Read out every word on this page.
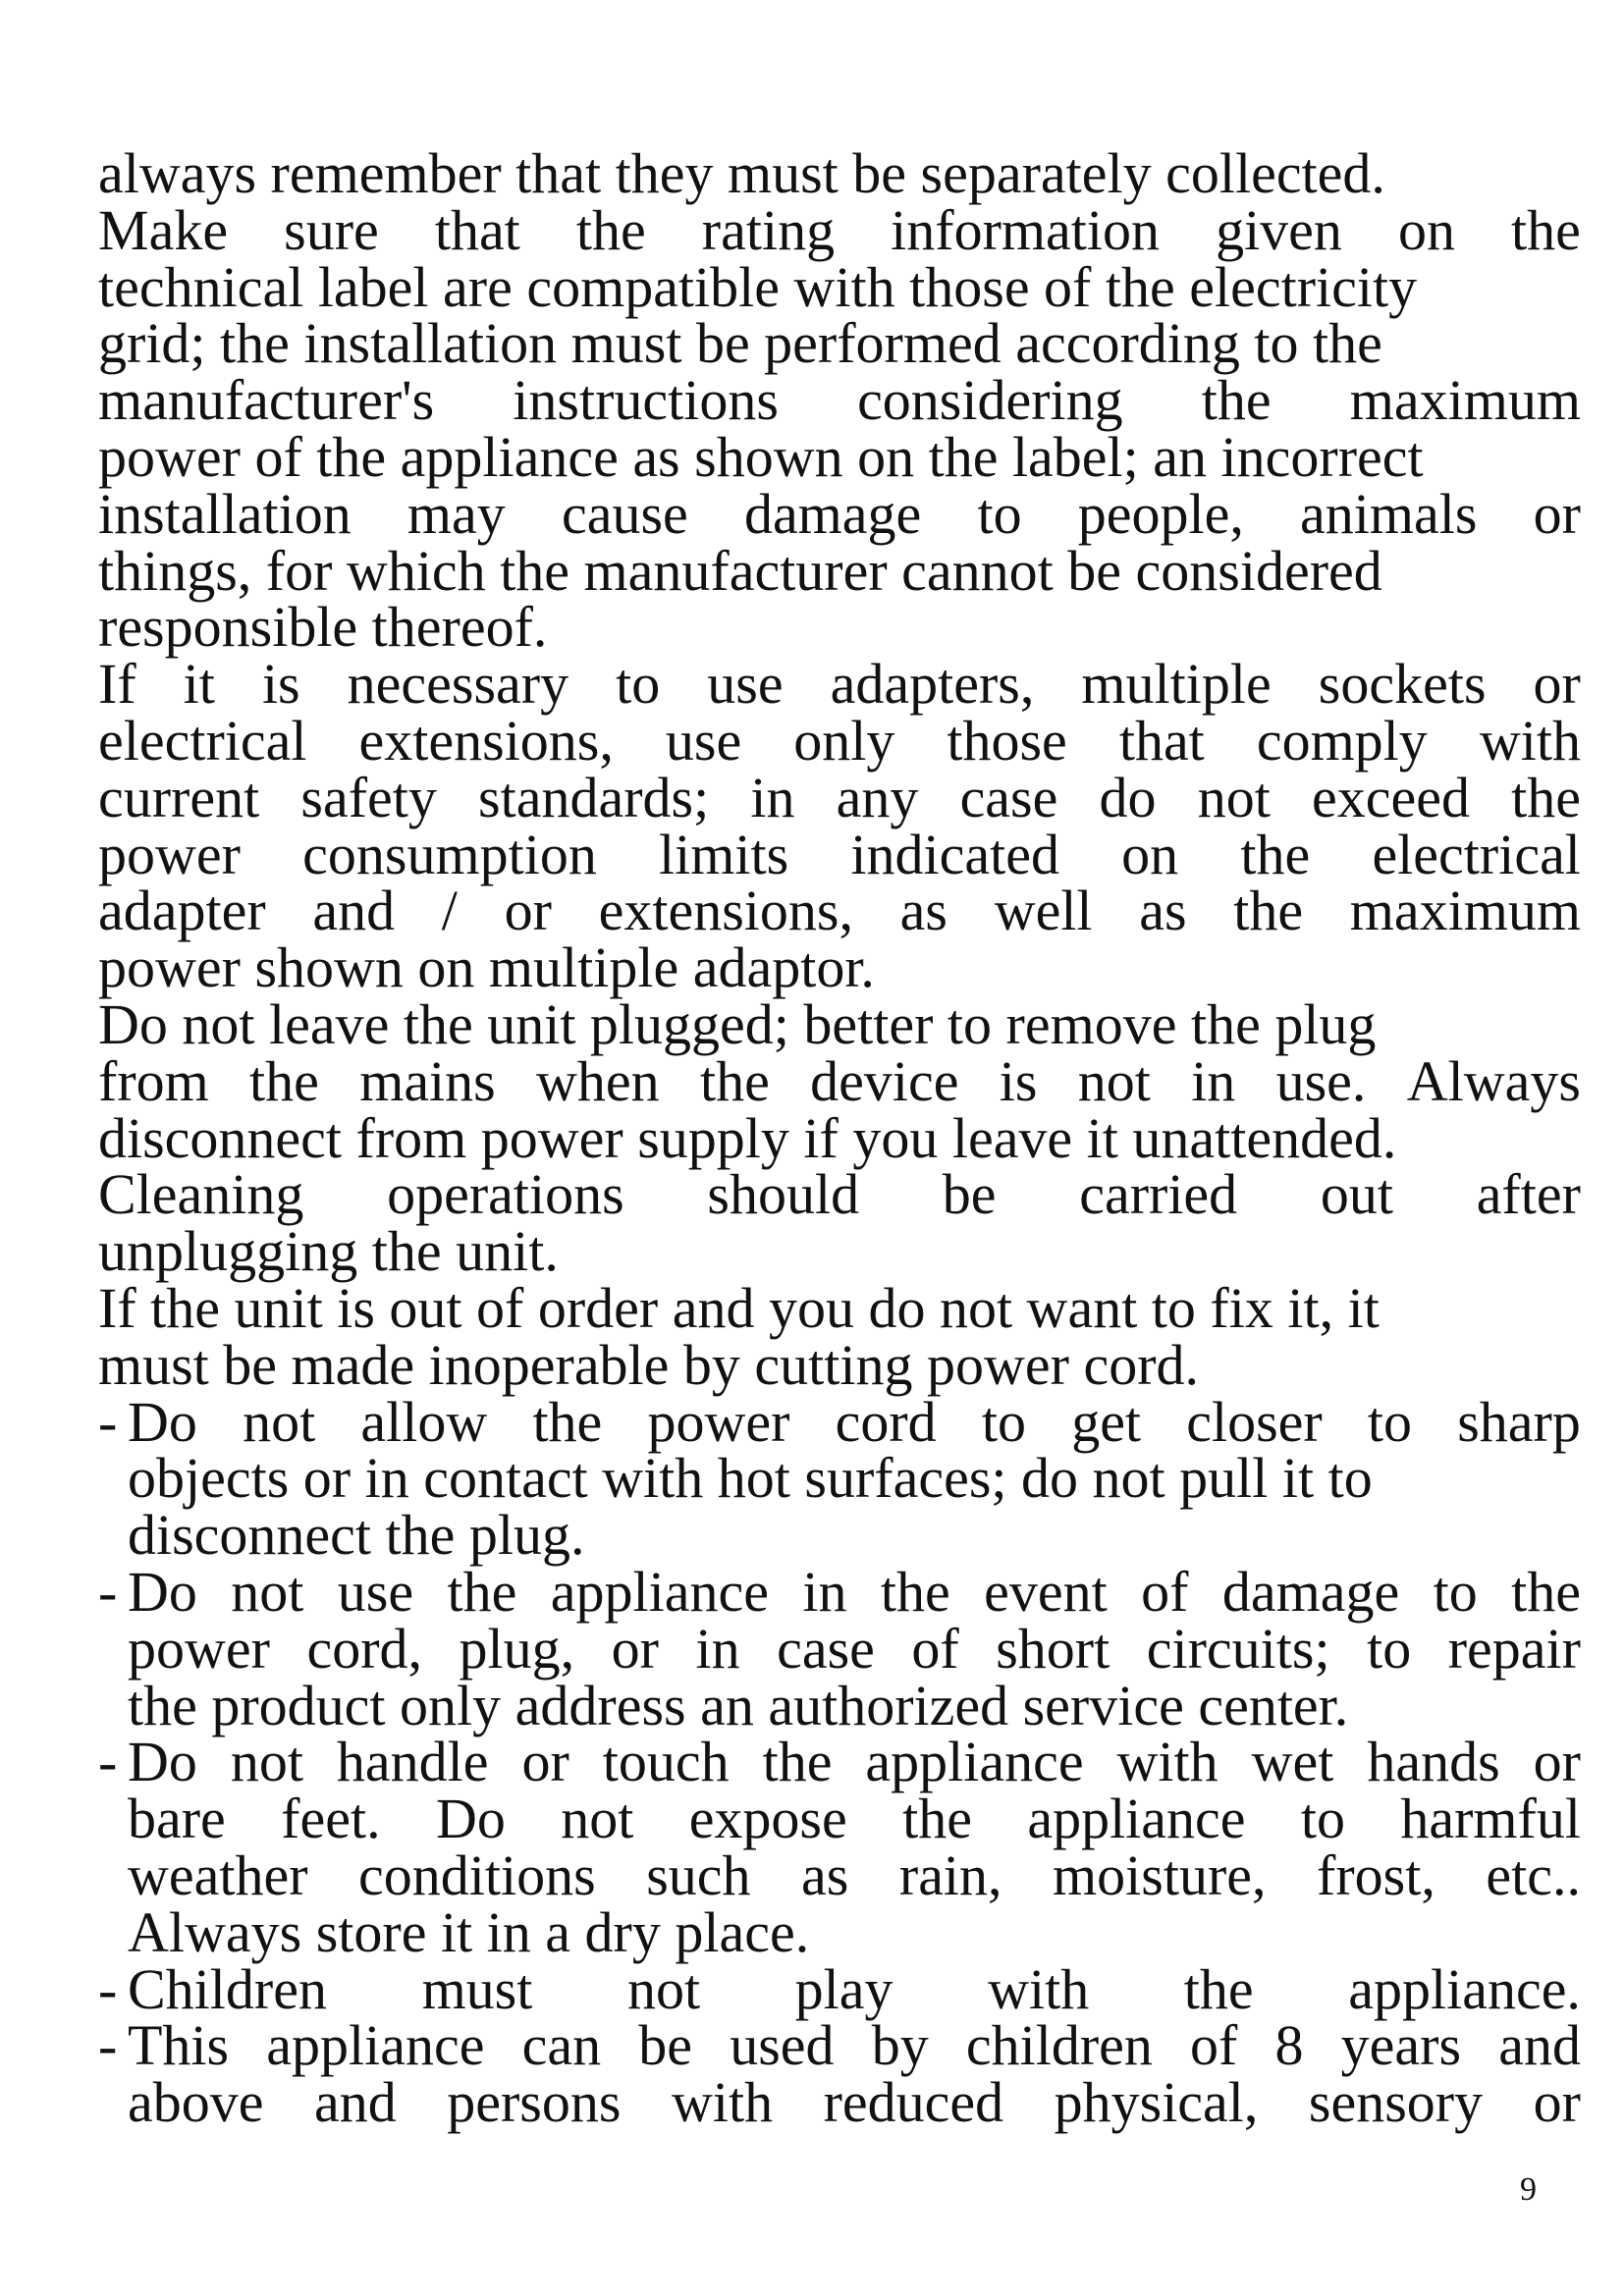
always remember that they must be separately collected.
Make sure that the rating information given on the
technical label are compatible with those of the electricity
grid; the installation must be performed according to the
manufacturer's instructions considering the maximum
power of the appliance as shown on the label; an incorrect
installation may cause damage to people, animals or
things, for which the manufacturer cannot be considered
responsible thereof.
If it is necessary to use adapters, multiple sockets or
electrical extensions, use only those that comply with
current safety standards; in any case do not exceed the
power consumption limits indicated on the electrical
adapter and / or extensions, as well as the maximum
power shown on multiple adaptor.
Do not leave the unit plugged; better to remove the plug
from the mains when the device is not in use. Always
disconnect from power supply if you leave it unattended.
Cleaning operations should be carried out after
unplugging the unit.
If the unit is out of order and you do not want to fix it, it
must be made inoperable by cutting power cord.
- Do not allow the power cord to get closer to sharp
objects or in contact with hot surfaces; do not pull it to
disconnect the plug.
- Do not use the appliance in the event of damage to the
power cord, plug, or in case of short circuits; to repair
the product only address an authorized service center.
- Do not handle or touch the appliance with wet hands or
bare feet. Do not expose the appliance to harmful
weather conditions such as rain, moisture, frost, etc..
Always store it in a dry place.
- Children must not play with the appliance.
- This appliance can be used by children of 8 years and
above and persons with reduced physical, sensory or
9
